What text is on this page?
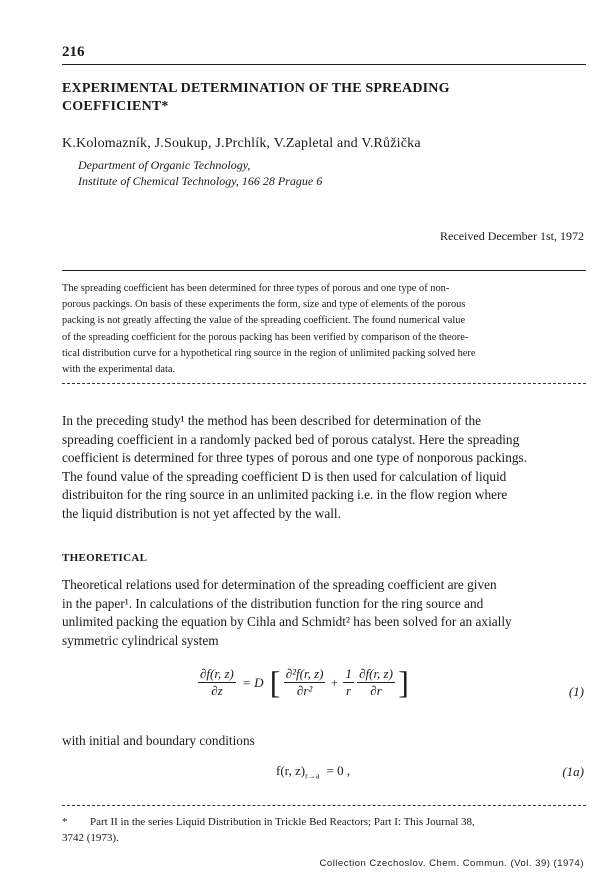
216
EXPERIMENTAL DETERMINATION OF THE SPREADING
COEFFICIENT*
K.Kolomazník, J.Soukup, J.Prchlík, V.Zapletal and V.Růžička
Department of Organic Technology,
Institute of Chemical Technology, 166 28 Prague 6
Received December 1st, 1972
The spreading coefficient has been determined for three types of porous and one type of non-
porous packings. On basis of these experiments the form, size and type of elements of the porous
packing is not greatly affecting the value of the spreading coefficient. The found numerical value
of the spreading coefficient for the porous packing has been verified by comparison of the theore-
tical distribution curve for a hypothetical ring source in the region of unlimited packing solved here
with the experimental data.
In the preceding study¹ the method has been described for determination of the
spreading coefficient in a randomly packed bed of porous catalyst. Here the spreading
coefficient is determined for three types of porous and one type of nonporous packings.
The found value of the spreading coefficient D is then used for calculation of liquid
distribuiton for the ring source in an unlimited packing i.e. in the flow region where
the liquid distribution is not yet affected by the wall.
THEORETICAL
Theoretical relations used for determination of the spreading coefficient are given
in the paper¹. In calculations of the distribution function for the ring source and
unlimited packing the equation by Cihla and Schmidt² has been solved for an axially
symmetric cylindrical system
$\frac{\partial f(r, z)}{\partial z} = D$ [ $\frac{\text{∂²f(r, z)}}{\text{∂r²}} + \frac{1}{r}$
$\frac{\partial f(r, z)}{\partial r}$ ]	(1)
with initial and boundary conditions
f(r, $z)_{r\to a} = 0$ ,	(1a)
* Part II in the series Liquid Distribution in Trickle Bed Reactors; Part I: This Journal 38,
3742 (1973).
Collection Czechoslov. Chem. Commun. (Vol. 39) (1974)
